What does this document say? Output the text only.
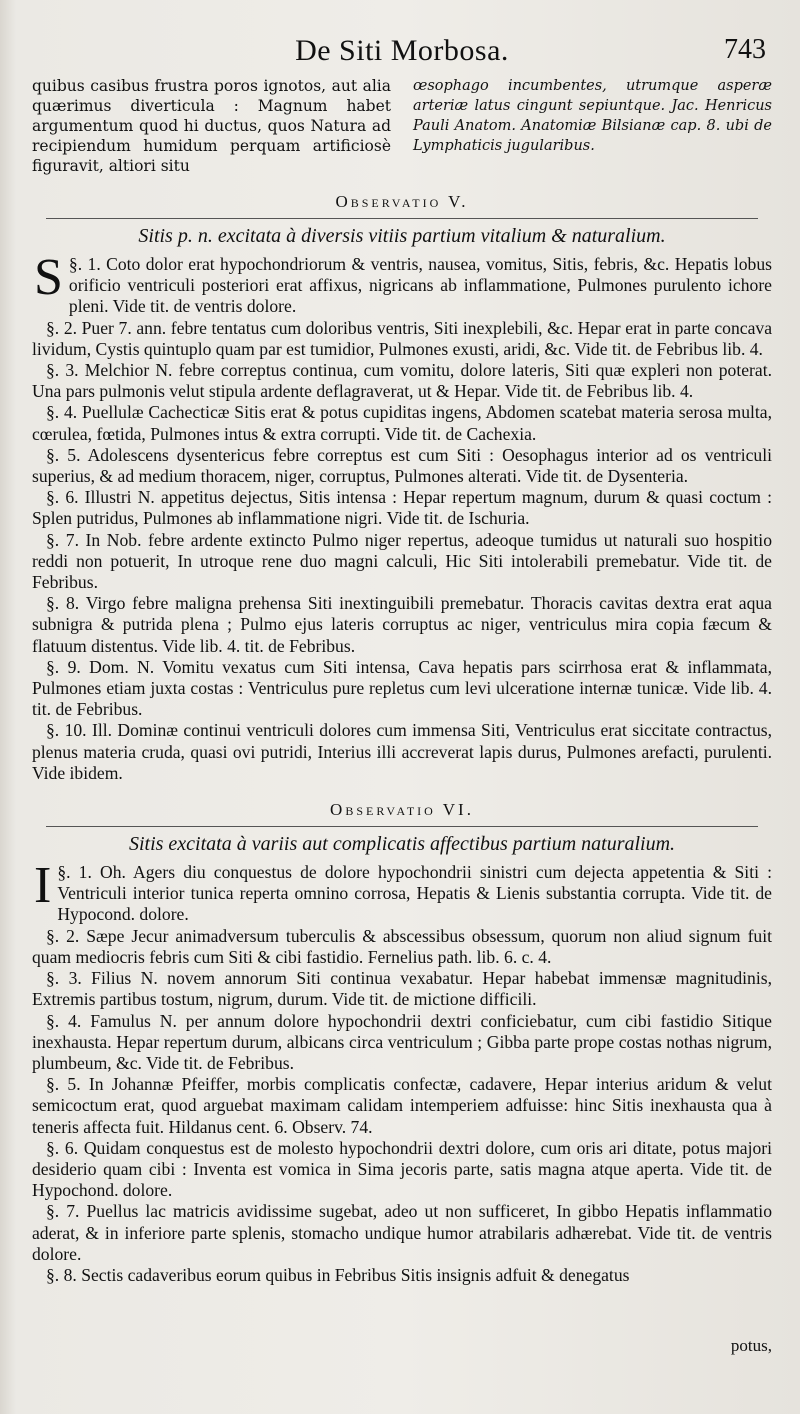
De Siti Morbosa.	743
quibus casibus frustra poros ignotos, aut alia quærimus diverticula : Magnum habet argumentum quod hi ductus, quos Natura ad recipiendum humidum perquam artificiosè figuravit, altiori situ
œsophago incumbentes, utrumque asperæ arteriæ latus cingunt sepiuntque. Jac. Henricus Pauli Anatom. Anatomiæ Bilsianæ cap. 8. ubi de Lymphaticis jugularibus.
Observatio V.
Sitis p. n. excitata à diversis vitiis partium vitalium & naturalium.

S §. 1. Coto dolor erat hypochondriorum & ventris, nausea, vomitus, Sitis, febris, &c. Hepatis lobus orificio ventriculi posteriori erat affixus, nigricans ab inflammatione, Pulmones purulento ichore pleni. Vide tit. de ventris dolore.

§. 2. Puer 7. ann. febre tentatus cum doloribus ventris, Siti inexplebili, &c. Hepar erat in parte concava lividum, Cystis quintuplo quam par est tumidior, Pulmones exusti, aridi, &c. Vide tit. de Febribus lib. 4.

§. 3. Melchior N. febre correptus continua, cum vomitu, dolore lateris, Siti quæ expleri non poterat. Una pars pulmonis velut stipula ardente deflagraverat, ut & Hepar. Vide tit. de Febribus lib. 4.

§. 4. Puellulæ Cachecticæ Sitis erat & potus cupiditas ingens, Abdomen scatebat materia serosa multa, cœrulea, fœtida, Pulmones intus & extra corrupti. Vide tit. de Cachexia.

§. 5. Adolescens dysentericus febre correptus est cum Siti : Oesophagus interior ad os ventriculi superius, & ad medium thoracem, niger, corruptus, Pulmones alterati. Vide tit. de Dysenteria.

§. 6. Illustri N. appetitus dejectus, Sitis intensa : Hepar repertum magnum, durum & quasi coctum : Splen putridus, Pulmones ab inflammatione nigri. Vide tit. de Ischuria.

§. 7. In Nob. febre ardente extincto Pulmo niger repertus, adeoque tumidus ut naturali suo hospitio reddi non potuerit, In utroque rene duo magni calculi, Hic Siti intolerabili premebatur. Vide tit. de Febribus.

§. 8. Virgo febre maligna prehensa Siti inextinguibili premebatur. Thoracis cavitas dextra erat aqua subnigra & putrida plena ; Pulmo ejus lateris corruptus ac niger, ventriculus mira copia fæcum & flatuum distentus. Vide lib. 4. tit. de Febribus.

§. 9. Dom. N. Vomitu vexatus cum Siti intensa, Cava hepatis pars scirrhosa erat & inflammata, Pulmones etiam juxta costas : Ventriculus pure repletus cum levi ulceratione internæ tunicæ. Vide lib. 4. tit. de Febribus.

§. 10. Ill. Dominæ continui ventriculi dolores cum immensa Siti, Ventriculus erat siccitate contractus, plenus materia cruda, quasi ovi putridi, Interius illi accreverat lapis durus, Pulmones arefacti, purulenti. Vide ibidem.

Observatio VI.
Sitis excitata à variis aut complicatis affectibus partium naturalium.

I §. 1. Oh. Agers diu conquestus de dolore hypochondrii sinistri cum dejecta appetentia & Siti : Ventriculi interior tunica reperta omnino corrosa, Hepatis & Lienis substantia corrupta. Vide tit. de Hypocond. dolore.

§. 2. Sæpe Jecur animadversum tuberculis & abscessibus obsessum, quorum non aliud signum fuit quam mediocris febris cum Siti & cibi fastidio. Fernelius path. lib. 6. c. 4.

§. 3. Filius N. novem annorum Siti continua vexabatur. Hepar habebat immensæ magnitudinis, Extremis partibus tostum, nigrum, durum. Vide tit. de mictione difficili.

§. 4. Famulus N. per annum dolore hypochondrii dextri conficiebatur, cum cibi fastidio Sitique inexhausta. Hepar repertum durum, albicans circa ventriculum ; Gibba parte prope costas nothas nigrum, plumbeum, &c. Vide tit. de Febribus.

§. 5. In Johannæ Pfeiffer, morbis complicatis confectæ, cadavere, Hepar interius aridum & velut semicoctum erat, quod arguebat maximam calidam intemperiem adfuisse: hinc Sitis inexhausta qua à teneris affecta fuit. Hildanus cent. 6. Observ. 74.

§. 6. Quidam conquestus est de molesto hypochondrii dextri dolore, cum oris ari ditate, potus majori desiderio quam cibi : Inventa est vomica in Sima jecoris parte, satis magna atque aperta. Vide tit. de Hypochond. dolore.

§. 7. Puellus lac matricis avidissime sugebat, adeo ut non sufficeret, In gibbo Hepatis inflammatio aderat, & in inferiore parte splenis, stomacho undique humor atrabilaris adhærebat. Vide tit. de ventris dolore.

§. 8. Sectis cadaveribus eorum quibus in Febribus Sitis insignis adfuit & denegatus

potus,
